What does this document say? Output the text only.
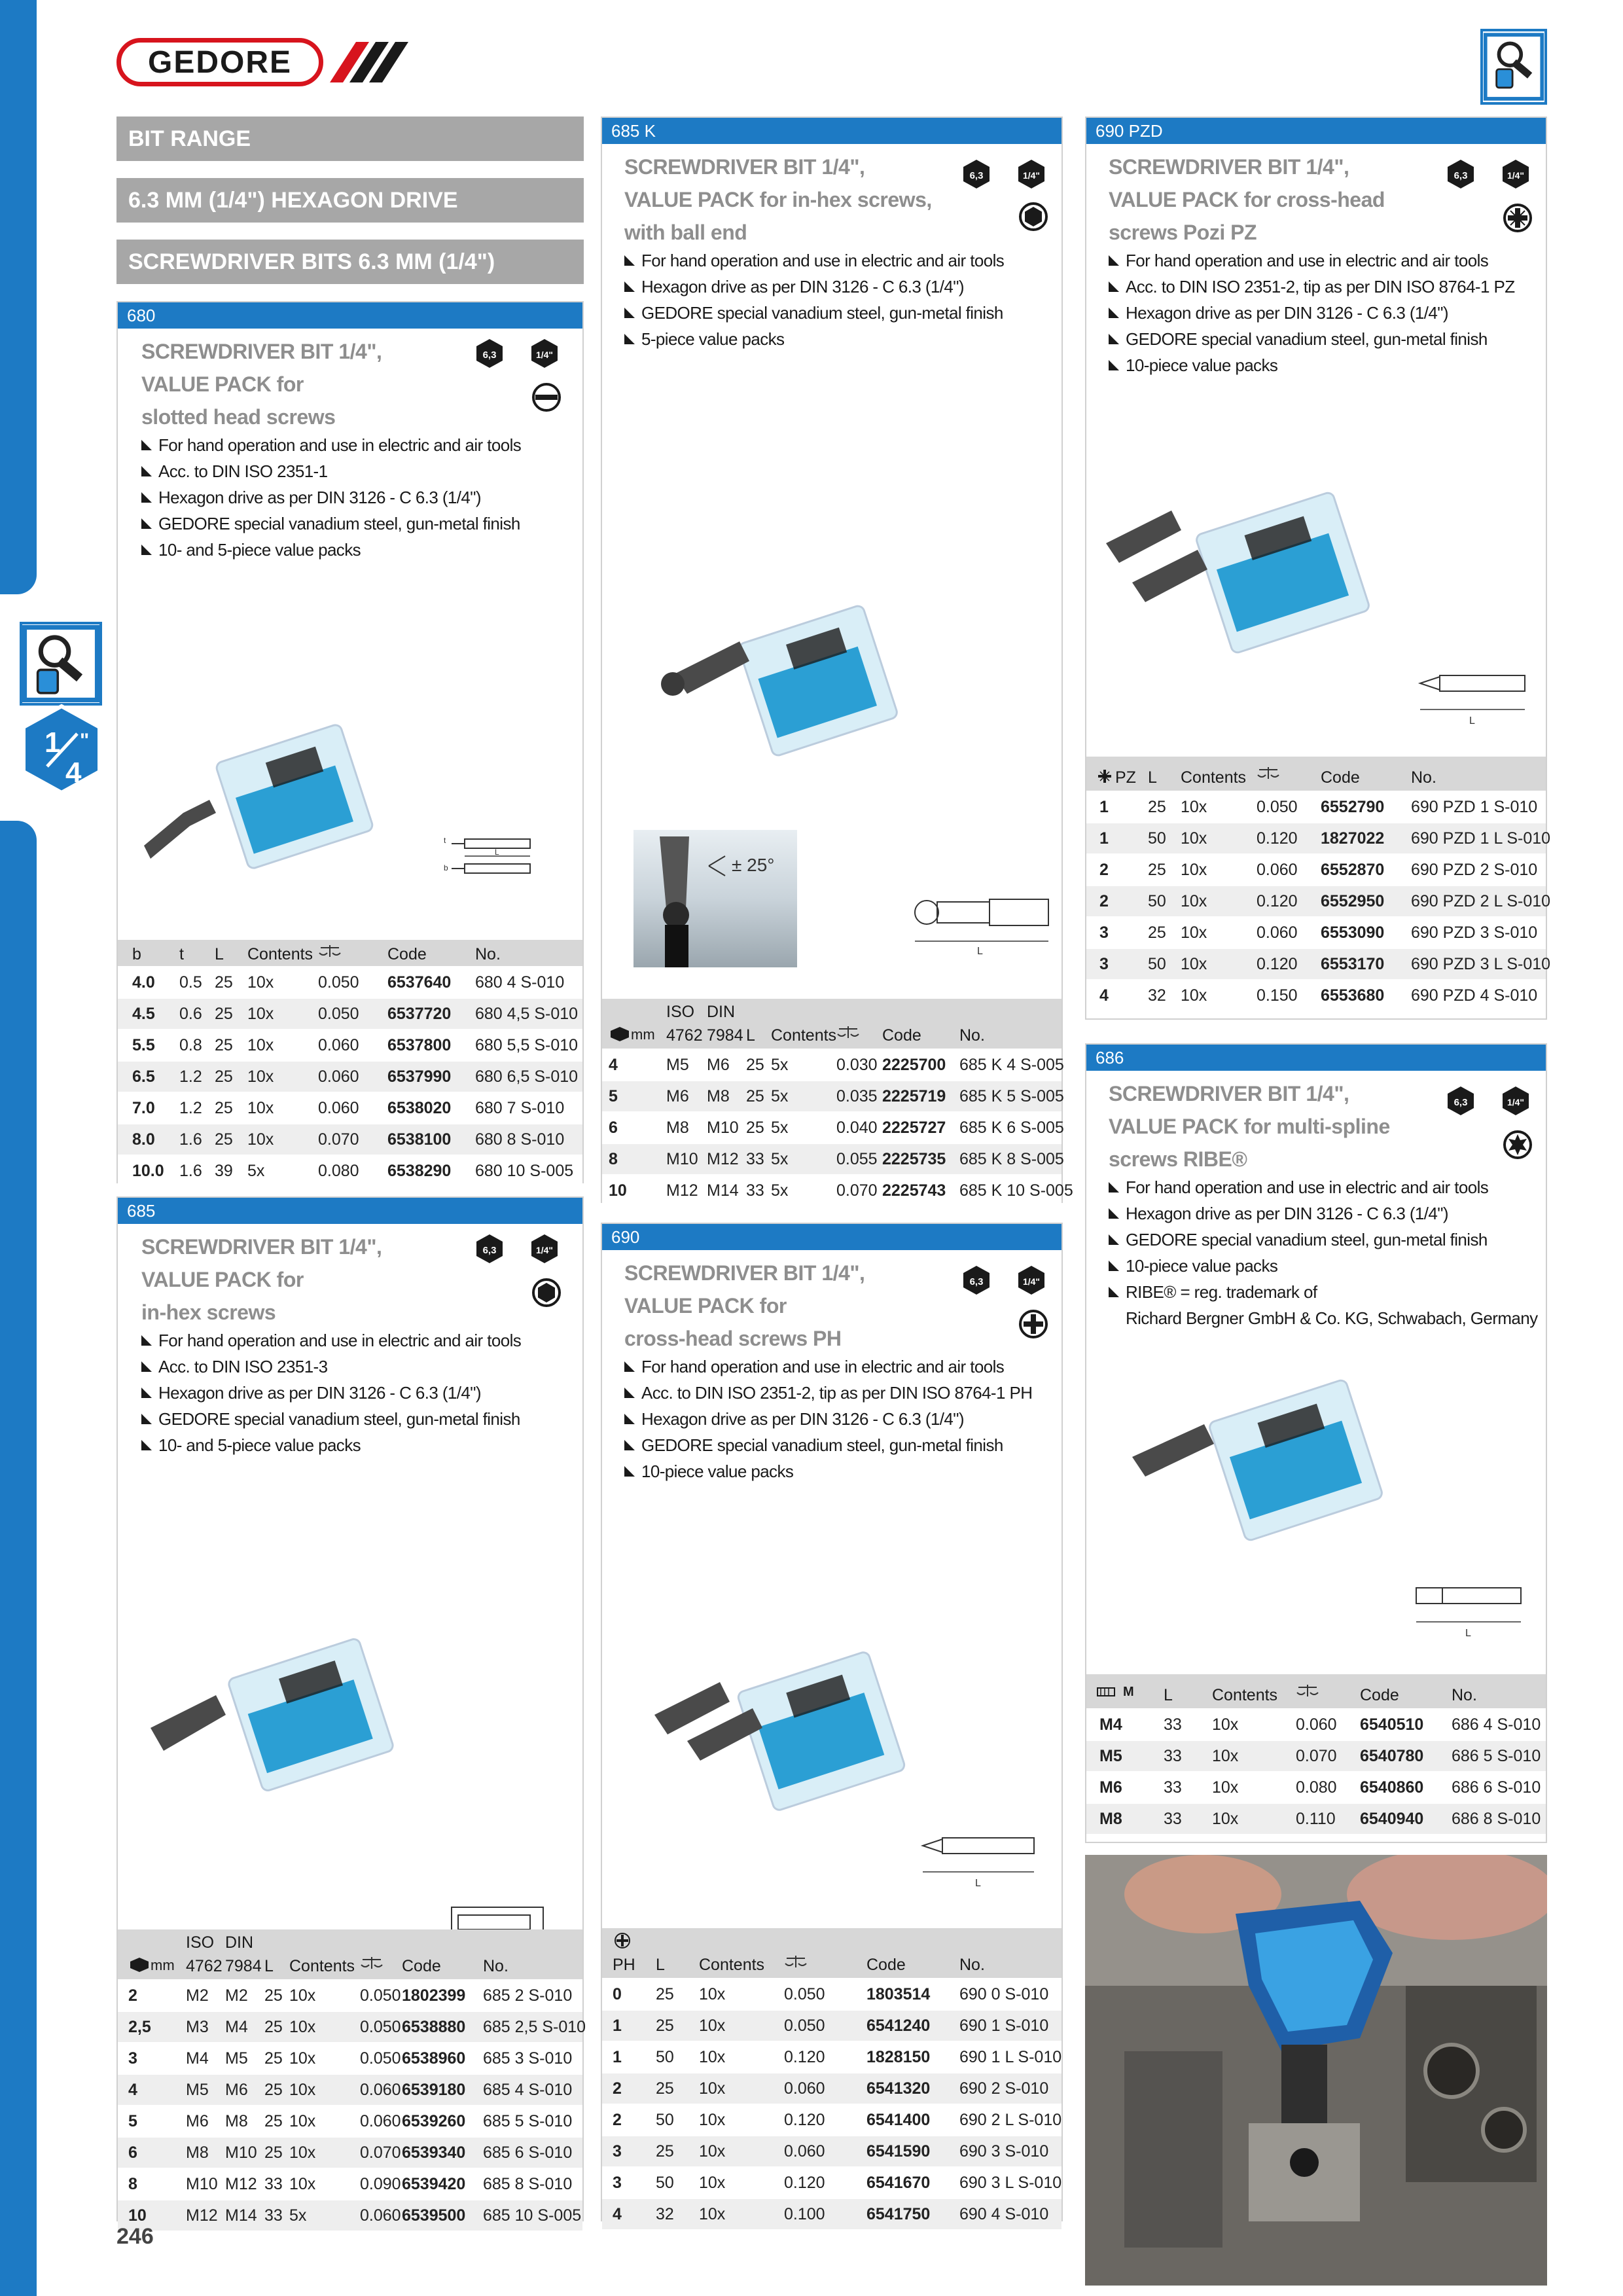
GEDORE
1
4
"
BIT RANGE
6.3 MM (1/4") HEXAGON DRIVE
SCREWDRIVER BITS 6.3 MM (1/4")
680
SCREWDRIVER BIT 1/4",
VALUE PACK for
slotted head screws
For hand operation and use in electric and air tools
Acc. to DIN ISO 2351-1
Hexagon drive as per DIN 3126 - C 6.3 (1/4")
GEDORE special vanadium steel, gun-metal finish
10- and 5-piece value packs
6,3	1/4"
t
L
b
b t L Contents	Code	No.
4.0 0.5 25 10x	0.050 6537640 680 4 S-010
4.5 0.6 25 10x	0.050 6537720 680 4,5 S-010
5.5 0.8 25 10x	0.060 6537800 680 5,5 S-010
6.5 1.2 25 10x	0.060 6537990 680 6,5 S-010
7.0 1.2 25 10x	0.060 6538020 680 7 S-010
8.0 1.6 25 10x	0.070 6538100 680 8 S-010
10.0 1.6 39 5x	0.080 6538290 680 10 S-005
685
SCREWDRIVER BIT 1/4",
VALUE PACK for
in-hex screws
For hand operation and use in electric and air tools
Acc. to DIN ISO 2351-3
Hexagon drive as per DIN 3126 - C 6.3 (1/4")
GEDORE special vanadium steel, gun-metal finish
10- and 5-piece value packs
6,3	1/4"
ISO DIN
mm 4762 7984 L Contents	Code	No.
2	M2 M2 25 10x	0.050 1802399 685 2 S-010
2,5 M3 M4 25 10x	0.050 6538880 685 2,5 S-010
3	M4 M5 25 10x	0.050 6538960 685 3 S-010
4	M5 M6 25 10x	0.060 6539180 685 4 S-010
5	M6 M8 25 10x	0.060 6539260 685 5 S-010
6	M8 M10 25 10x	0.070 6539340 685 6 S-010
8	M10 M12 33 10x	0.090 6539420 685 8 S-010
10 M12 M14 33 5x	0.060 6539500 685 10 S-005
685 K
SCREWDRIVER BIT 1/4",
VALUE PACK for in-hex screws,
with ball end
For hand operation and use in electric and air tools
Hexagon drive as per DIN 3126 - C 6.3 (1/4")
GEDORE special vanadium steel, gun-metal finish
5-piece value packs
6,3	1/4"
± 25°
L
ISO DIN
mm 4762 7984 L Contents	Code No.
4	M5 M6 25 5x	0.030 2225700 685 K 4 S-005
5	M6 M8 25 5x	0.035 2225719 685 K 5 S-005
6	M8 M10 25 5x	0.040 2225727 685 K 6 S-005
8	M10 M12 33 5x	0.055 2225735 685 K 8 S-005
10 M12 M14 33 5x	0.070 2225743 685 K 10 S-005
690
SCREWDRIVER BIT 1/4",
VALUE PACK for
cross-head screws PH
For hand operation and use in electric and air tools
Acc. to DIN ISO 2351-2, tip as per DIN ISO 8764-1 PH
Hexagon drive as per DIN 3126 - C 6.3 (1/4")
GEDORE special vanadium steel, gun-metal finish
10-piece value packs
6,3	1/4"
L
PH L Contents	Code	No.
0 25 10x	0.050	1803514 690 0 S-010
1 25 10x	0.050	6541240 690 1 S-010
1 50 10x	0.120	1828150 690 1 L S-010
2 25 10x	0.060	6541320 690 2 S-010
2 50 10x	0.120	6541400 690 2 L S-010
3 25 10x	0.060	6541590 690 3 S-010
3 50 10x	0.120	6541670 690 3 L S-010
4 32 10x	0.100	6541750 690 4 S-010
690 PZD
SCREWDRIVER BIT 1/4",
VALUE PACK for cross-head
screws Pozi PZ
For hand operation and use in electric and air tools
Acc. to DIN ISO 2351-2, tip as per DIN ISO 8764-1 PZ
Hexagon drive as per DIN 3126 - C 6.3 (1/4")
GEDORE special vanadium steel, gun-metal finish
10-piece value packs
6,3	1/4"
L
PZ L Contents	Code	No.
1 25 10x	0.050 6552790 690 PZD 1 S-010
1 50 10x	0.120 1827022 690 PZD 1 L S-010
2 25 10x	0.060 6552870 690 PZD 2 S-010
2 50 10x	0.120 6552950 690 PZD 2 L S-010
3 25 10x	0.060 6553090 690 PZD 3 S-010
3 50 10x	0.120 6553170 690 PZD 3 L S-010
4 32 10x	0.150 6553680 690 PZD 4 S-010
686
SCREWDRIVER BIT 1/4",
VALUE PACK for multi-spline
screws RIBE®
For hand operation and use in electric and air tools
Hexagon drive as per DIN 3126 - C 6.3 (1/4")
GEDORE special vanadium steel, gun-metal finish
10-piece value packs
RIBE® = reg. trademark of
Richard Bergner GmbH & Co. KG, Schwabach, Germany
6,3	1/4"
L
M L Contents	Code	No.
M4	33 10x	0.060 6540510 686 4 S-010
M5	33 10x	0.070 6540780 686 5 S-010
M6	33 10x	0.080 6540860 686 6 S-010
M8	33 10x	0.110 6540940 686 8 S-010
246
